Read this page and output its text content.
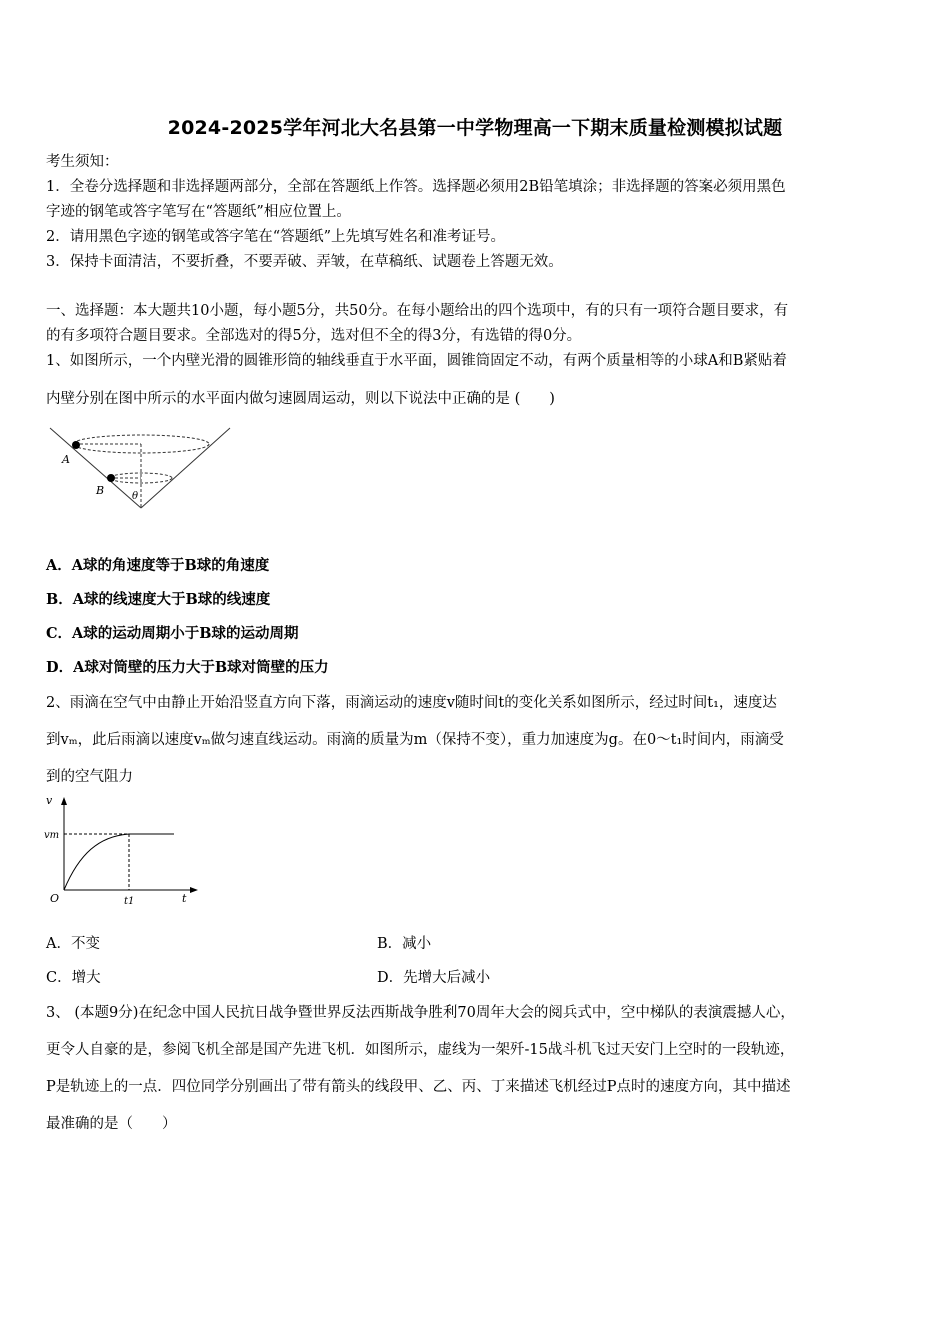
2024-2025学年河北大名县第一中学物理高一下期末质量检测模拟试题
考生须知：
1．全卷分选择题和非选择题两部分，全部在答题纸上作答。选择题必须用2B铅笔填涂；非选择题的答案必须用黑色
字迹的钢笔或答字笔写在“答题纸”相应位置上。
2．请用黑色字迹的钢笔或答字笔在“答题纸”上先填写姓名和准考证号。
3．保持卡面清洁，不要折叠，不要弄破、弄皱，在草稿纸、试题卷上答题无效。
一、选择题：本大题共10小题，每小题5分，共50分。在每小题给出的四个选项中，有的只有一项符合题目要求，有
的有多项符合题目要求。全部选对的得5分，选对但不全的得3分，有选错的得0分。
1、如图所示，一个内壁光滑的圆锥形筒的轴线垂直于水平面，圆锥筒固定不动，有两个质量相等的小球A和B紧贴着
内壁分别在图中所示的水平面内做匀速圆周运动，则以下说法中正确的是 (　　)
A
B	θ
A．A球的角速度等于B球的角速度
B．A球的线速度大于B球的线速度
C．A球的运动周期小于B球的运动周期
D．A球对筒壁的压力大于B球对筒壁的压力
2、雨滴在空气中由静止开始沿竖直方向下落，雨滴运动的速度v随时间t的变化关系如图所示，经过时间t₁，速度达
到vₘ，此后雨滴以速度vₘ做匀速直线运动。雨滴的质量为m（保持不变），重力加速度为g。在0～t₁时间内，雨滴受
到的空气阻力
v
vm
O	t1	t
A．不变	B．减小
C．增大	D．先增大后减小
3、 (本题9分)在纪念中国人民抗日战争暨世界反法西斯战争胜利70周年大会的阅兵式中，空中梯队的表演震撼人心，
更令人自豪的是，参阅飞机全部是国产先进飞机．如图所示，虚线为一架歼-15战斗机飞过天安门上空时的一段轨迹，
P是轨迹上的一点．四位同学分别画出了带有箭头的线段甲、乙、丙、丁来描述飞机经过P点时的速度方向，其中描述
最准确的是（　　）
